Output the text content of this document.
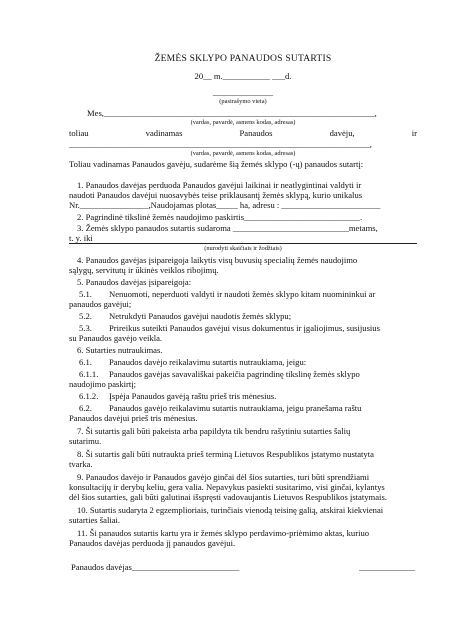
ŽEMĖS SKLYPO PANAUDOS SUTARTIS
20__ m.___________ ___d.
______________
(pasirašymo vieta)
Mes,_______________________________________________________________,
(vardas, pavardė, asmens kodas, adresas)
toliau	vadinamas	Panaudos	davėju,	ir
______________________________________________________________________,
(vardas, pavardė, asmens kodas, adresas)
Toliau vadinamas Panaudos gavėju, sudarėme šią žemės sklypo (-ų) panaudos sutartį:
1. Panaudos davėjas perduoda Panaudos gavėjui laikinai ir neatlygintinai valdyti ir
naudoti Panaudos davėjui nuosavybės teise priklausantį žemės sklypą, kurio unikalus
Nr.________________,Naudojamas plotas_____ ha, adresu : _______________________
2. Pagrindinė tikslinė žemės naudojimo paskirtis___________________________.
3. Žemės sklypo panaudos sutartis sudaroma ___________________________metams,
t. y. iki
(nurodyti skaičiais ir žodžiais)
4. Panaudos gavėjas įsipareigoja laikytis visų buvusių specialių žemės naudojimo
sąlygų, servitutų ir ūkinės veiklos ribojimų.
5. Panaudos davėjas įsipareigoja:
5.1. Nenuomoti, neperduoti valdyti ir naudoti žemės sklypo kitam nuomininkui ar
panaudos gavėjui;
5.2. Netrukdyti Panaudos gavėjui naudotis žemės sklypu;
5.3. Prireikus suteikti Panaudos gavėjui visus dokumentus ir įgaliojimus, susijusius
su Panaudos gavėjo veikla.
6. Sutarties nutraukimas.
6.1. Panaudos davėjo reikalavimu sutartis nutraukiama, jeigu:
6.1.1. Panaudos gavėjas savavališkai pakeičia pagrindinę tikslinę žemės sklypo
naudojimo paskirtį;
6.1.2. Įspėja Panaudos gavėją raštu prieš tris mėnesius.
6.2. Panaudos gavėjo reikalavimu sutartis nutraukiama, jeigu pranešama raštu
Panaudos davėjui prieš tris mėnesius.
7. Ši sutartis gali būti pakeista arba papildyta tik bendru rašytiniu sutarties šalių
sutarimu.
8. Ši sutartis gali būti nutraukta prieš terminą Lietuvos Respublikos įstatymo nustatyta
tvarka.
9. Panaudos davėjo ir Panaudos gavėjo ginčai dėl šios sutarties, turi būti sprendžiami
konsultacijų ir derybų keliu, gera valia. Nepavykus pasiekti susitarimo, visi ginčai, kylantys
dėl šios sutarties, gali būti galutinai išspręsti vadovaujantis Lietuvos Respublikos įstatymais.
10. Sutartis sudaryta 2 egzemplioriais, turinčiais vienodą teisinę galią, atskirai kiekvienai
sutarties šaliai.
11. Ši panaudos sutartis kartu yra ir žemės sklypo perdavimo-priėmimo aktas, kuriuo
Panaudos davėjas perduoda jį panaudos gavėjui.
Panaudos davėjas_________________________	_____________
